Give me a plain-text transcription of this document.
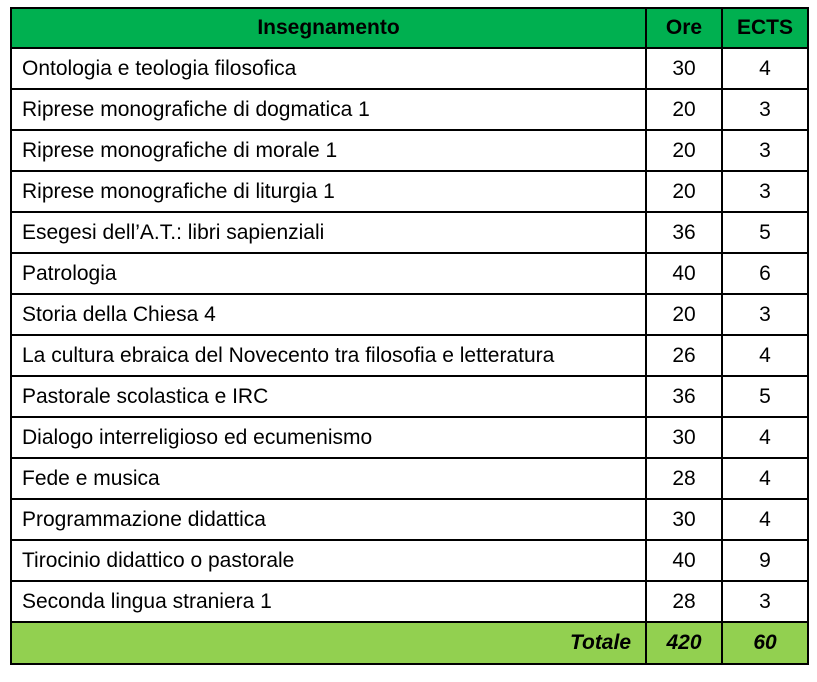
Insegnamento	Ore	ECTS
Ontologia e teologia filosofica	30	4
Riprese monografiche di dogmatica 1	20	3
Riprese monografiche di morale 1	20	3
Riprese monografiche di liturgia 1	20	3
Esegesi dell’A.T.: libri sapienziali	36	5
Patrologia	40	6
Storia della Chiesa 4	20	3
La cultura ebraica del Novecento tra filosofia e letteratura	26	4
Pastorale scolastica e IRC	36	5
Dialogo interreligioso ed ecumenismo	30	4
Fede e musica	28	4
Programmazione didattica	30	4
Tirocinio didattico o pastorale	40	9
Seconda lingua straniera 1	28	3
Totale	420	60
